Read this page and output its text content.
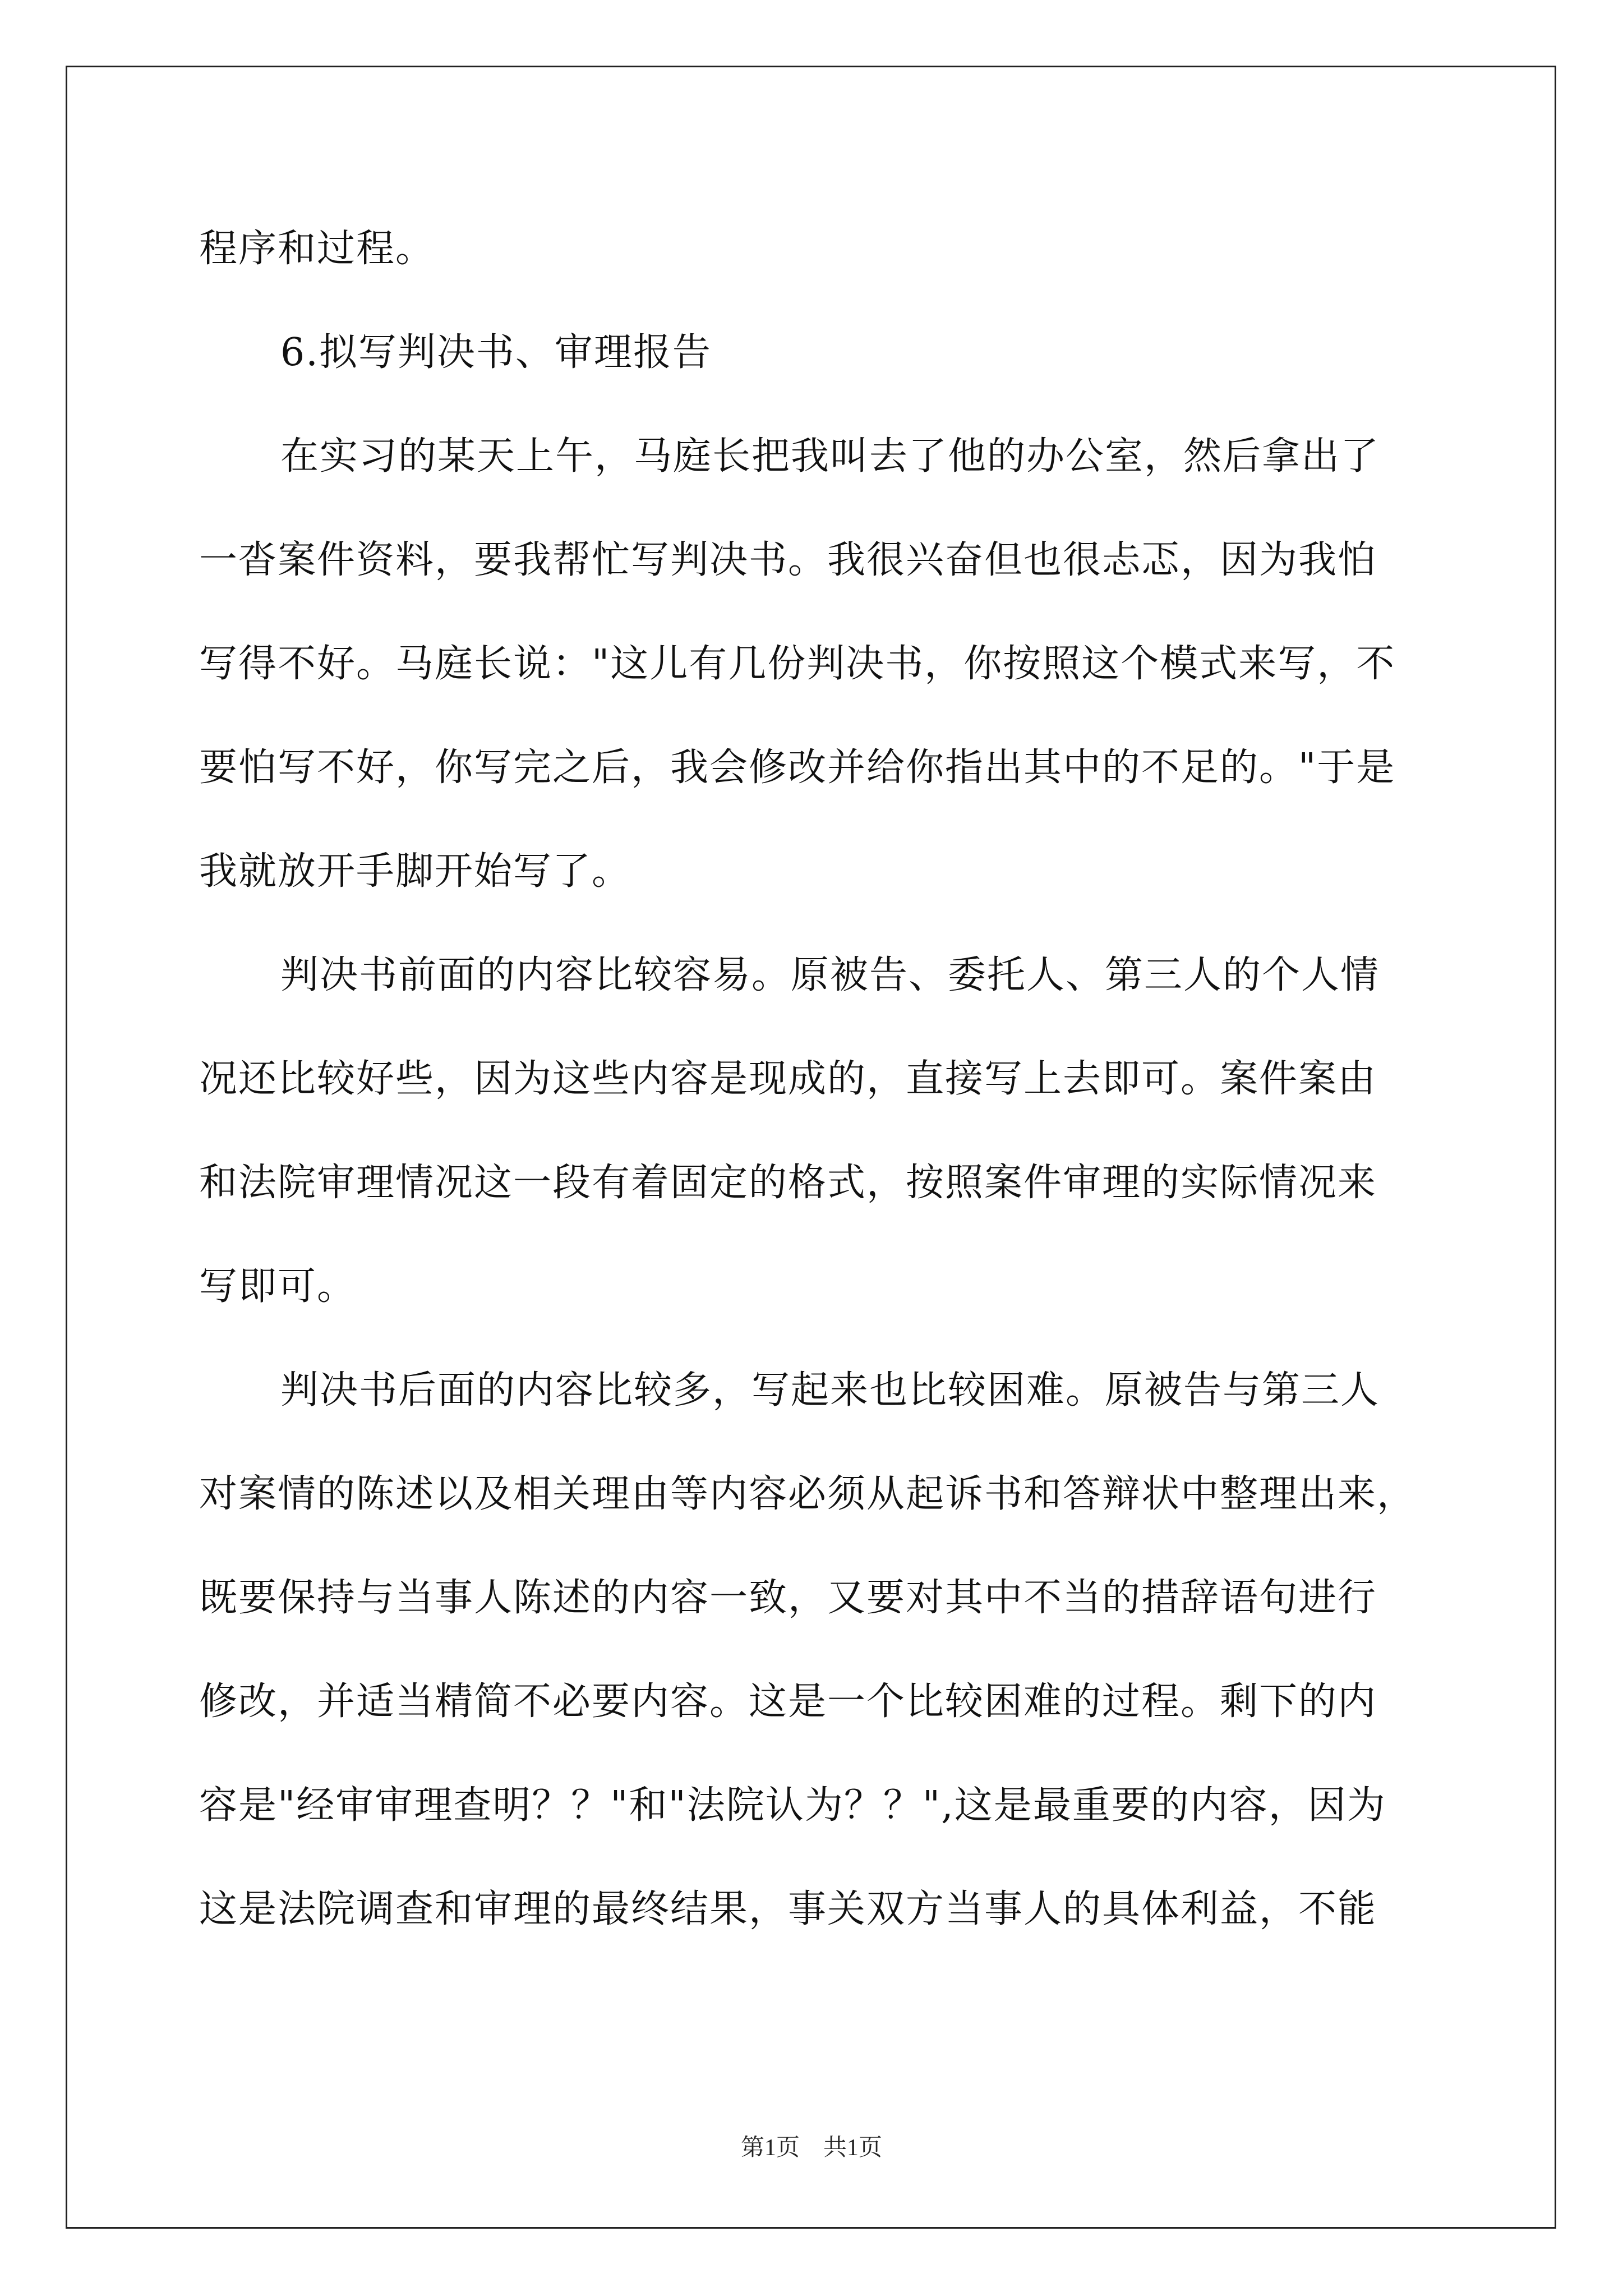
程序和过程。
6.拟写判决书、审理报告
在实习的某天上午，马庭长把我叫去了他的办公室，然后拿出了
一沓案件资料，要我帮忙写判决书。我很兴奋但也很忐忑，因为我怕
写得不好。马庭长说："这儿有几份判决书，你按照这个模式来写，不
要怕写不好，你写完之后，我会修改并给你指出其中的不足的。"于是
我就放开手脚开始写了。
判决书前面的内容比较容易。原被告、委托人、第三人的个人情
况还比较好些，因为这些内容是现成的，直接写上去即可。案件案由
和法院审理情况这一段有着固定的格式，按照案件审理的实际情况来
写即可。
判决书后面的内容比较多，写起来也比较困难。原被告与第三人
对案情的陈述以及相关理由等内容必须从起诉书和答辩状中整理出来，
既要保持与当事人陈述的内容一致，又要对其中不当的措辞语句进行
修改，并适当精简不必要内容。这是一个比较困难的过程。剩下的内
容是"经审审理查明？？"和"法院认为？？",这是最重要的内容，因为
这是法院调查和审理的最终结果，事关双方当事人的具体利益，不能
第1页　共1页
